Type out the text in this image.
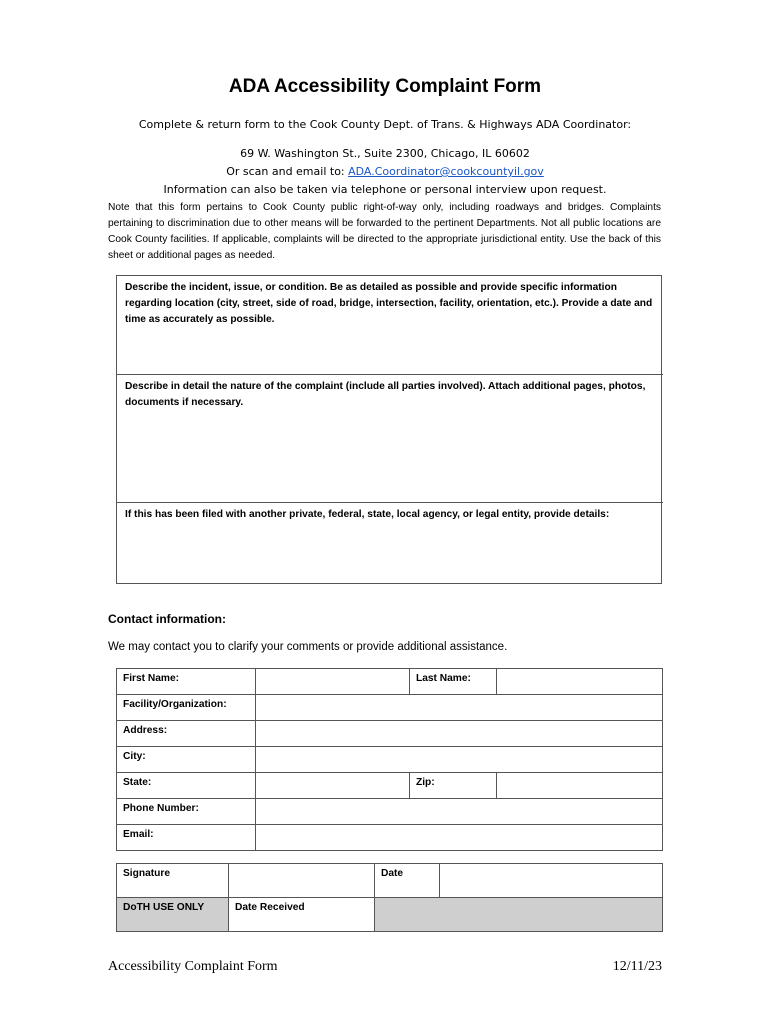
ADA Accessibility Complaint Form
Complete & return form to the Cook County Dept. of Trans. & Highways ADA Coordinator:
69 W. Washington St., Suite 2300, Chicago, IL 60602
Or scan and email to: ADA.Coordinator@cookcountyil.gov
Information can also be taken via telephone or personal interview upon request.
Note that this form pertains to Cook County public right-of-way only, including roadways and bridges. Complaints pertaining to discrimination due to other means will be forwarded to the pertinent Departments. Not all public locations are Cook County facilities. If applicable, complaints will be directed to the appropriate jurisdictional entity. Use the back of this sheet or additional pages as needed.
Describe the incident, issue, or condition. Be as detailed as possible and provide specific information regarding location (city, street, side of road, bridge, intersection, facility, orientation, etc.). Provide a date and time as accurately as possible.
Describe in detail the nature of the complaint (include all parties involved). Attach additional pages, photos, documents if necessary.
If this has been filed with another private, federal, state, local agency, or legal entity, provide details:
Contact information:
We may contact you to clarify your comments or provide additional assistance.
First Name:		Last Name:	
Facility/Organization:			
Address:			
City:			
State:		Zip:	
Phone Number:			
Email:			
Signature		Date	
DoTH USE ONLY	Date Received		
Accessibility Complaint Form	12/11/23
